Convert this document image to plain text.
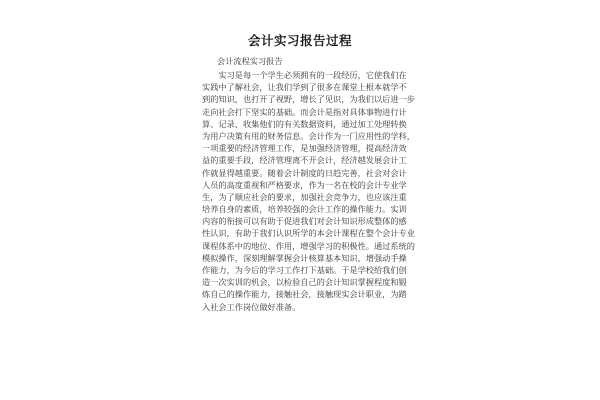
会计实习报告过程
会计流程实习报告
　　实习是每一个学生必须拥有的一段经历，它使我们在
实践中了解社会，让我们学到了很多在课堂上根本就学不
到的知识，也打开了视野，增长了见识，为我们以后进一步
走向社会打下坚实的基础。而会计是指对具体事物进行计
算、记录、收集他们的有关数据资料，通过加工处理转换
为用户决策有用的财务信息。会计作为一门应用性的学科，
一项重要的经济管理工作，是加强经济管理，提高经济效
益的重要手段，经济管理离不开会计，经济越发展会计工
作就显得越重要。随着会计制度的日趋完善，社会对会计
人员的高度重视和严格要求，作为一名在校的会计专业学
生，为了顺应社会的要求，加强社会竞争力，也应该注重
培养自身的素质，培养较强的会计工作的操作能力。实训
内容的衔接可以有助于促进我们对会计知识形成整体的感
性认识，有助于我们认识所学的本会计课程在整个会计专业
课程体系中的地位、作用，增强学习的积极性。通过系统的
模拟操作，深刻理解掌握会计核算基本知识，增强动手操
作能力，为今后的学习工作打下基础。于是学校给我们创
造一次实训的机会，以检验自己的会计知识掌握程度和锻
炼自己的操作能力，接触社会，接触现实会计职业，为踏
入社会工作岗位做好准备。
